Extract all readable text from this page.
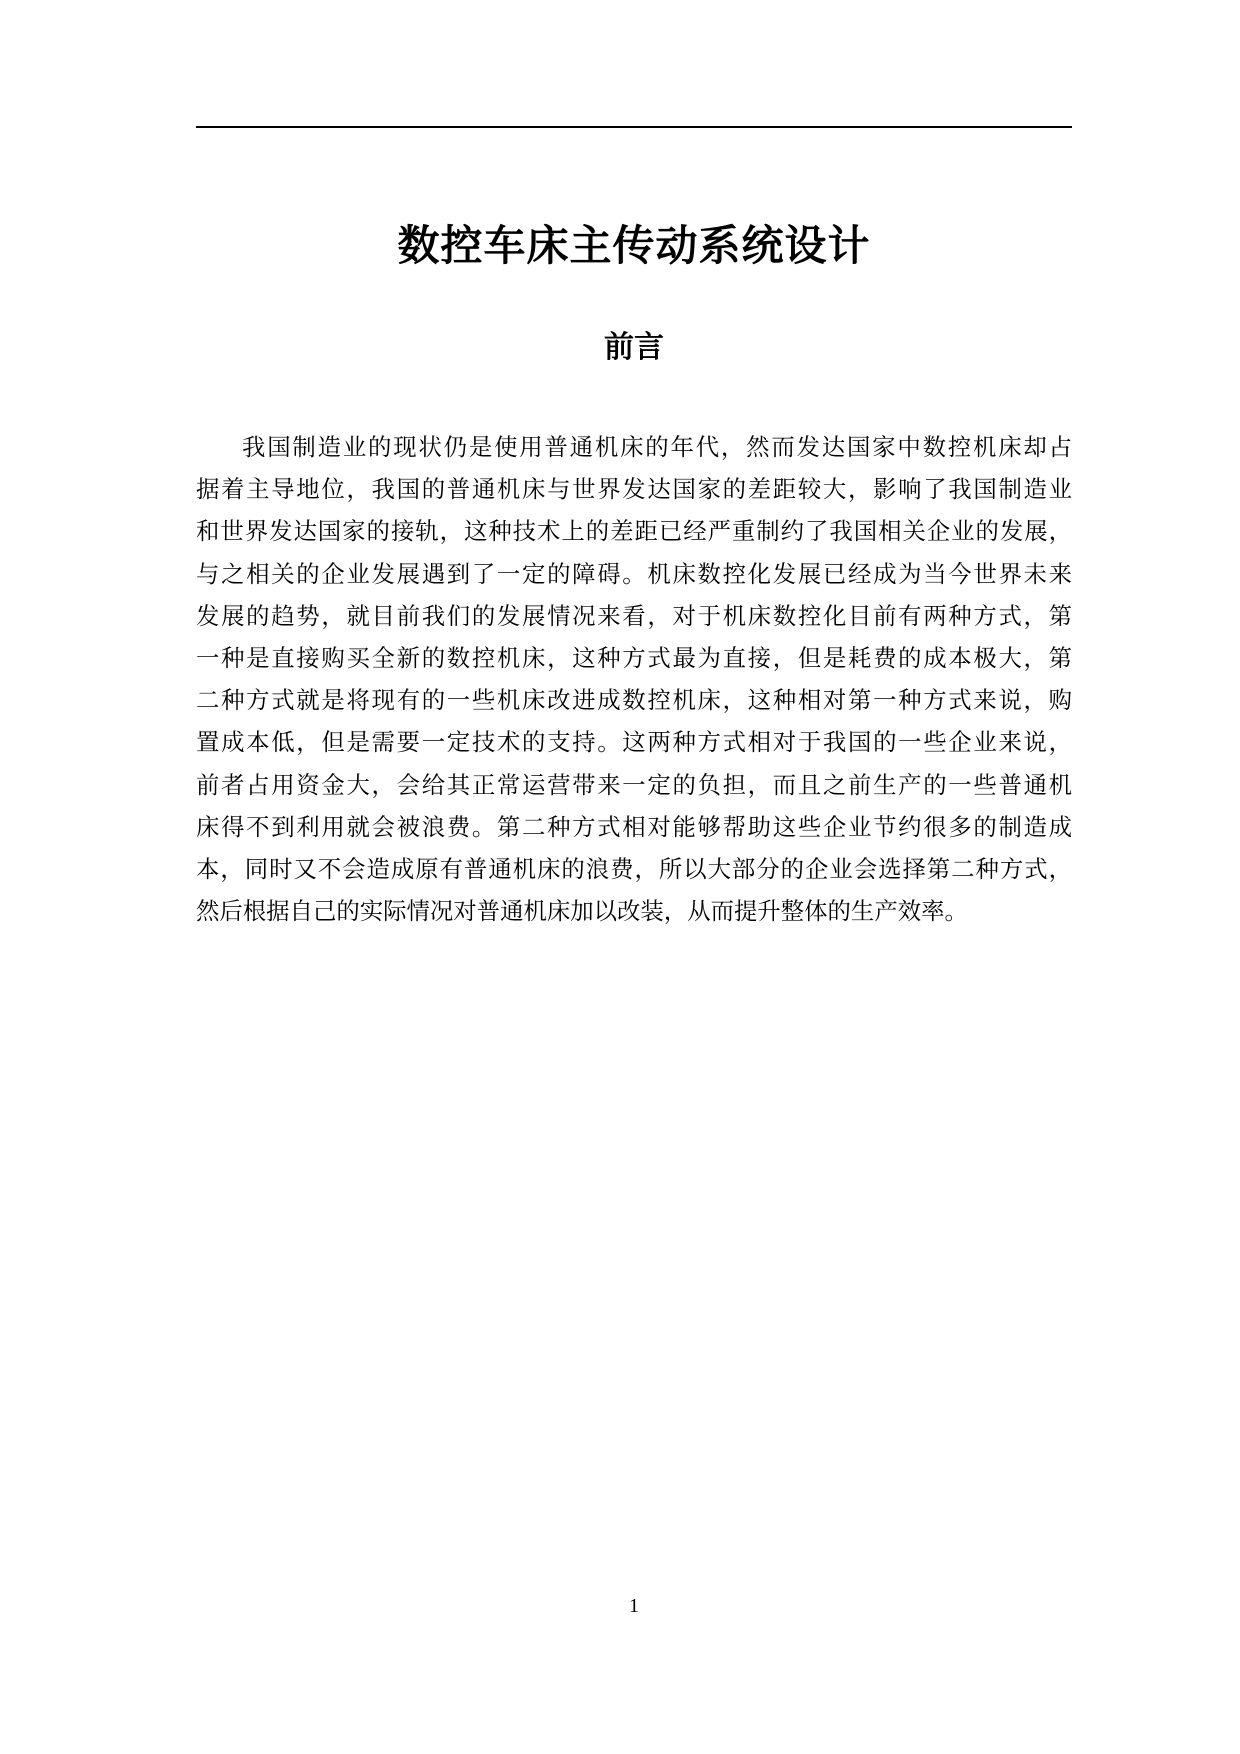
数控车床主传动系统设计
前言
我国制造业的现状仍是使用普通机床的年代，然而发达国家中数控机床却占
据着主导地位，我国的普通机床与世界发达国家的差距较大，影响了我国制造业
和世界发达国家的接轨，这种技术上的差距已经严重制约了我国相关企业的发展，
与之相关的企业发展遇到了一定的障碍。机床数控化发展已经成为当今世界未来
发展的趋势，就目前我们的发展情况来看，对于机床数控化目前有两种方式，第
一种是直接购买全新的数控机床，这种方式最为直接，但是耗费的成本极大，第
二种方式就是将现有的一些机床改进成数控机床，这种相对第一种方式来说，购
置成本低，但是需要一定技术的支持。这两种方式相对于我国的一些企业来说，
前者占用资金大，会给其正常运营带来一定的负担，而且之前生产的一些普通机
床得不到利用就会被浪费。第二种方式相对能够帮助这些企业节约很多的制造成
本，同时又不会造成原有普通机床的浪费，所以大部分的企业会选择第二种方式，
然后根据自己的实际情况对普通机床加以改装，从而提升整体的生产效率。
1
